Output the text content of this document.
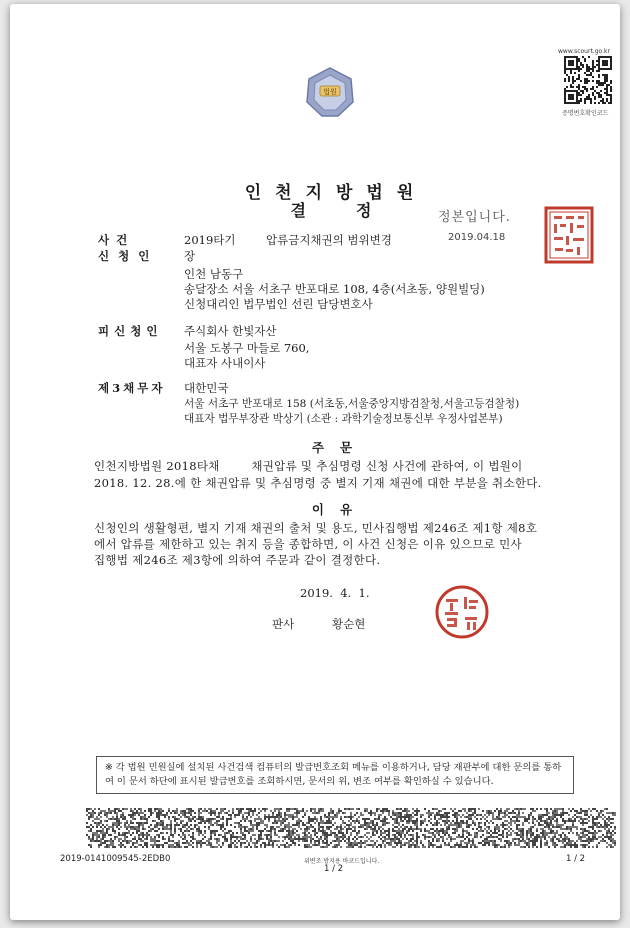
www.scourt.go.kr
증명번호확인코드
법원
인천지방법원
결정	정본입니다.
2019.04.18
사건	2019타기	압류금지채권의 범위변경
신청인 장
인천 남동구
송달장소 서울 서초구 반포대로 108, 4층(서초동, 양원빌딩)
신청대리인 법무법인 선린 담당변호사
피신청인 주식회사 한빛자산
서울 도봉구 마들로 760,
대표자 사내이사
제3채무자 대한민국
서울 서초구 반포대로 158 (서초동,서울중앙지방검찰청,서울고등검찰청)
대표자 법무부장관 박상기 (소관 : 과학기술정보통신부 우정사업본부)
주문
인천지방법원 2018타채        채권압류 및 추심명령 신청 사건에 관하여, 이 법원이
2018. 12. 28.에 한 채권압류 및 추심명령 중 별지 기재 채권에 대한 부분을 취소한다.
이유
신청인의 생활형편, 별지 기재 채권의 출처 및 용도, 민사집행법 제246조 제1항 제8호
에서 압류를 제한하고 있는 취지 등을 종합하면, 이 사건 신청은 이유 있으므로 민사
집행법 제246조 제3항에 의하여 주문과 같이 결정한다.
2019.  4.  1.
판사	황순현
※ 각 법원 민원실에 설치된 사건검색 컴퓨터의 발급번호조회 메뉴를 이용하거나, 담당 재판부에 대한 문의를 통하여 이 문서 하단에 표시된 발급번호를 조회하시면, 문서의 위, 변조 여부를 확인하실 수 있습니다.
2019-0141009545-2EDB0	위변조 방지용 바코드입니다.
1 / 2
1 / 2
